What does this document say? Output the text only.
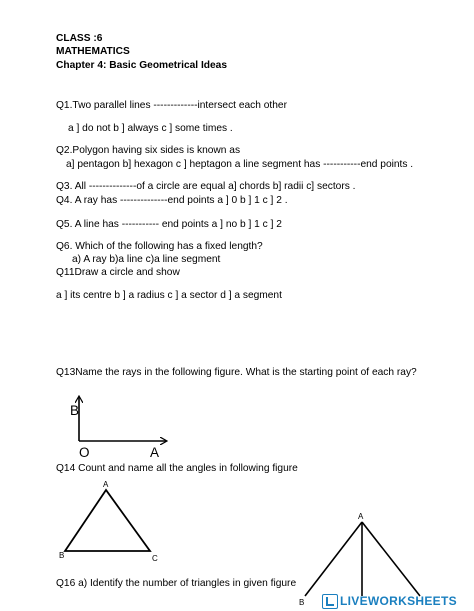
CLASS :6
MATHEMATICS
Chapter 4: Basic Geometrical Ideas
Q1.Two parallel lines -------------intersect each other
a ] do not b ] always c ] some times .
Q2.Polygon having six sides is known as
a] pentagon b] hexagon c ] heptagon a line segment has -----------end points .
Q3. All --------------of a circle are equal a] chords b] radii c] sectors .
Q4. A ray has --------------end points a ] 0 b ] 1 c ] 2 .
Q5. A line has ----------- end points a ] no b ] 1 c ] 2
Q6. Which of the following has a fixed length?
a) A ray b)a line c)a line segment
Q11Draw a circle and show
a ] its centre b ] a radius c ] a sector d ] a segment
Q13Name the rays in the following figure. What is the starting point of each ray?
B
O	A
Q14 Count and name all the angles in following figure
A
B	C
Q16 a) Identify the number of triangles in given figure
A
B	LIVEWORKSHEETS
